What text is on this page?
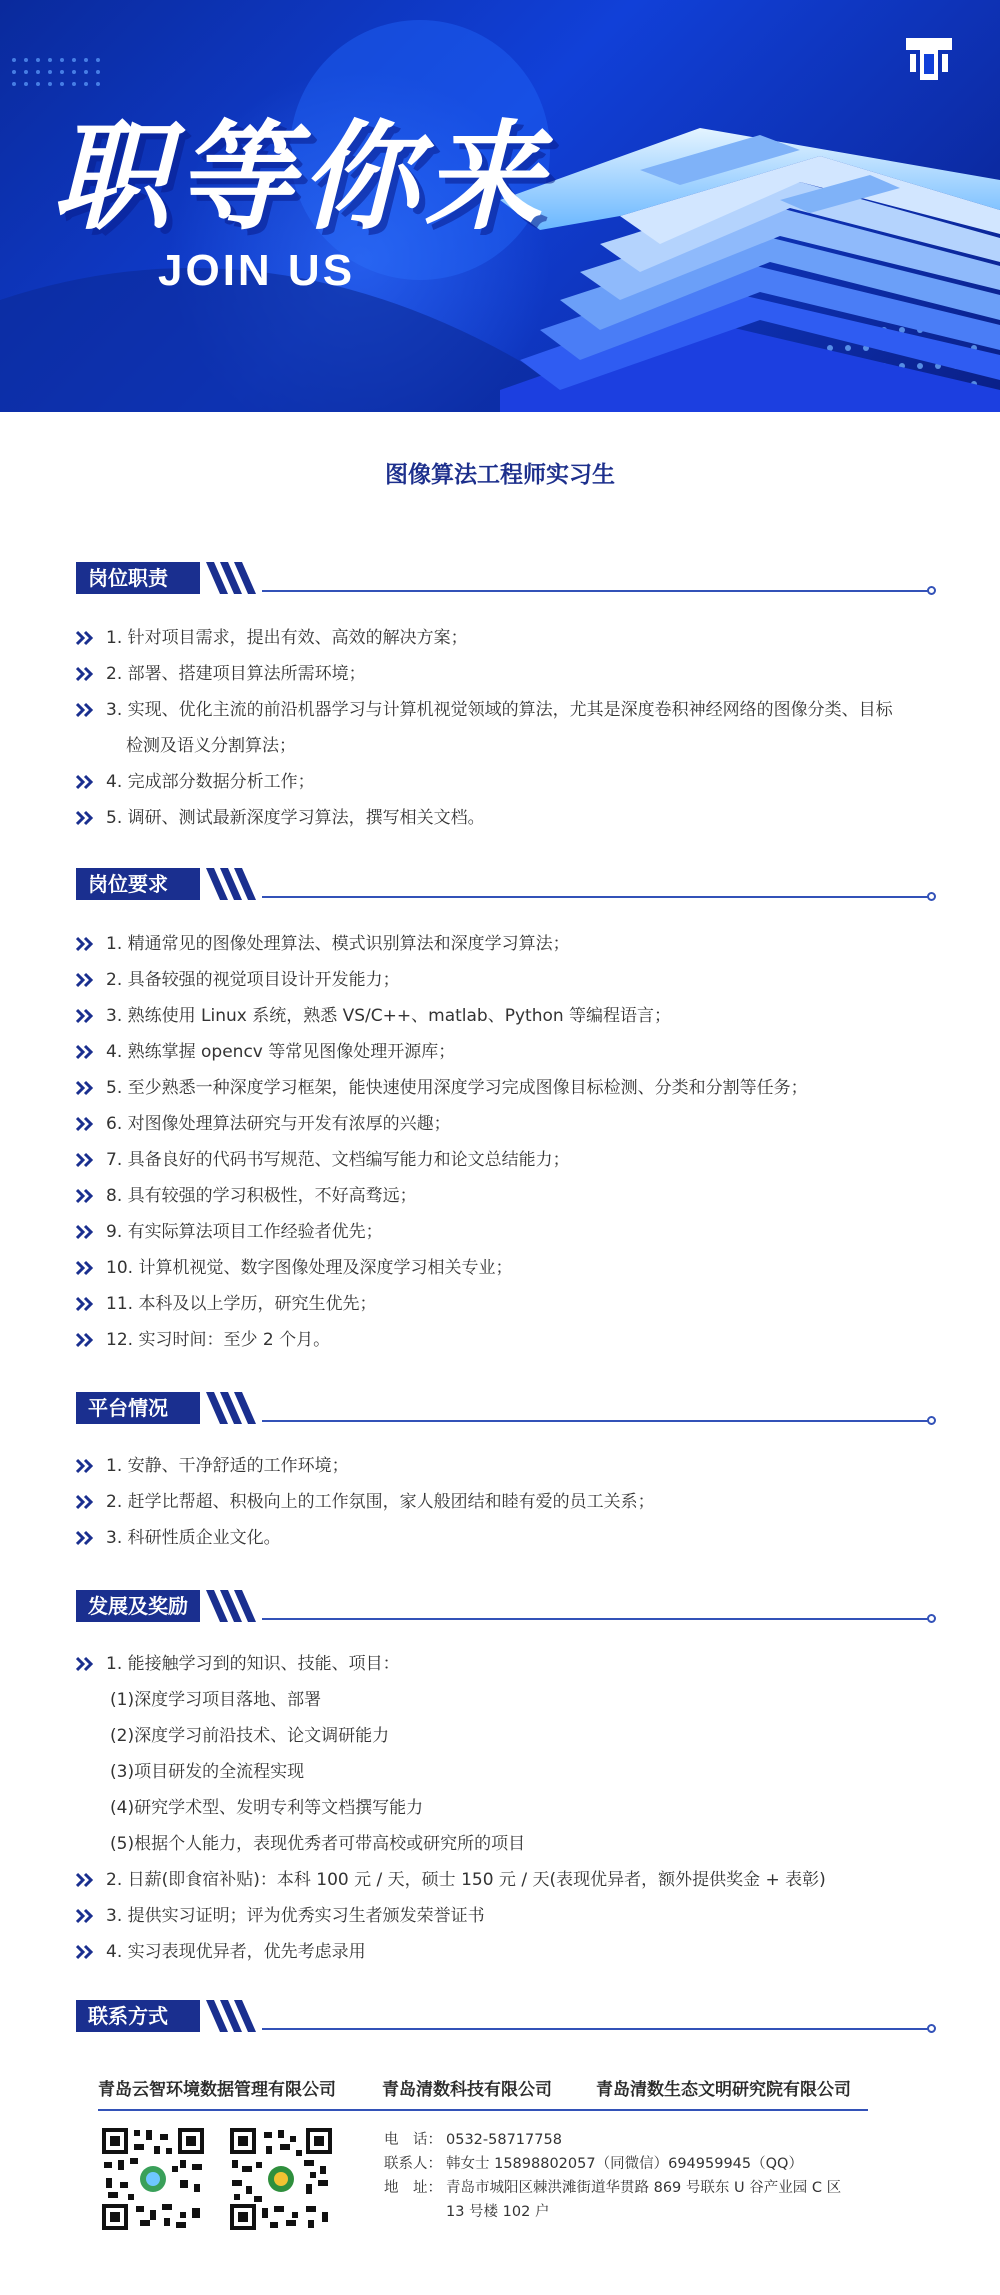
职等你来
JOIN US
图像算法工程师实习生
岗位职责
1. 针对项目需求，提出有效、高效的解决方案；
2. 部署、搭建项目算法所需环境；
3. 实现、优化主流的前沿机器学习与计算机视觉领域的算法，尤其是深度卷积神经网络的图像分类、目标
检测及语义分割算法；
4. 完成部分数据分析工作；
5. 调研、测试最新深度学习算法，撰写相关文档。
岗位要求
1. 精通常见的图像处理算法、模式识别算法和深度学习算法；
2. 具备较强的视觉项目设计开发能力；
3. 熟练使用 Linux 系统，熟悉 VS/C++、matlab、Python 等编程语言；
4. 熟练掌握 opencv 等常见图像处理开源库；
5. 至少熟悉一种深度学习框架，能快速使用深度学习完成图像目标检测、分类和分割等任务；
6. 对图像处理算法研究与开发有浓厚的兴趣；
7. 具备良好的代码书写规范、文档编写能力和论文总结能力；
8. 具有较强的学习积极性，不好高骛远；
9. 有实际算法项目工作经验者优先；
10. 计算机视觉、数字图像处理及深度学习相关专业；
11. 本科及以上学历，研究生优先；
12. 实习时间：至少 2 个月。
平台情况
1. 安静、干净舒适的工作环境；
2. 赶学比帮超、积极向上的工作氛围，家人般团结和睦有爱的员工关系；
3. 科研性质企业文化。
发展及奖励
1. 能接触学习到的知识、技能、项目：
(1)深度学习项目落地、部署
(2)深度学习前沿技术、论文调研能力
(3)项目研发的全流程实现
(4)研究学术型、发明专利等文档撰写能力
(5)根据个人能力，表现优秀者可带高校或研究所的项目
2. 日薪(即食宿补贴)：本科 100 元 / 天，硕士 150 元 / 天(表现优异者，额外提供奖金 + 表彰)
3. 提供实习证明；评为优秀实习生者颁发荣誉证书
4. 实习表现优异者，优先考虑录用
联系方式
青岛云智环境数据管理有限公司	青岛清数科技有限公司	青岛清数生态文明研究院有限公司
电　话： 0532-58717758
联系人： 韩女士 15898802057（同微信）694959945（QQ）
地　址： 青岛市城阳区棘洪滩街道华贯路 869 号联东 U 谷产业园 C 区
13 号楼 102 户
